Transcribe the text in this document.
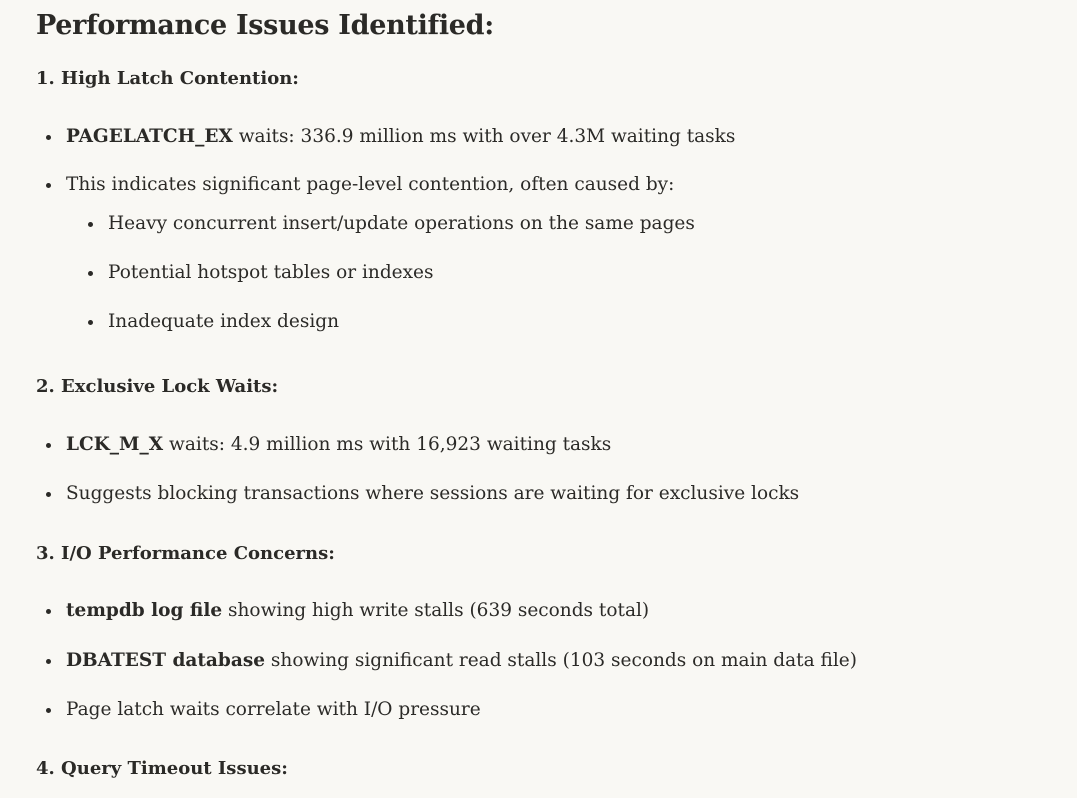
Performance Issues Identified:
1. High Latch Contention:
PAGELATCH_EX waits: 336.9 million ms with over 4.3M waiting tasks
This indicates significant page-level contention, often caused by:
Heavy concurrent insert/update operations on the same pages
Potential hotspot tables or indexes
Inadequate index design
2. Exclusive Lock Waits:
LCK_M_X waits: 4.9 million ms with 16,923 waiting tasks
Suggests blocking transactions where sessions are waiting for exclusive locks
3. I/O Performance Concerns:
tempdb log file showing high write stalls (639 seconds total)
DBATEST database showing significant read stalls (103 seconds on main data file)
Page latch waits correlate with I/O pressure
4. Query Timeout Issues:
